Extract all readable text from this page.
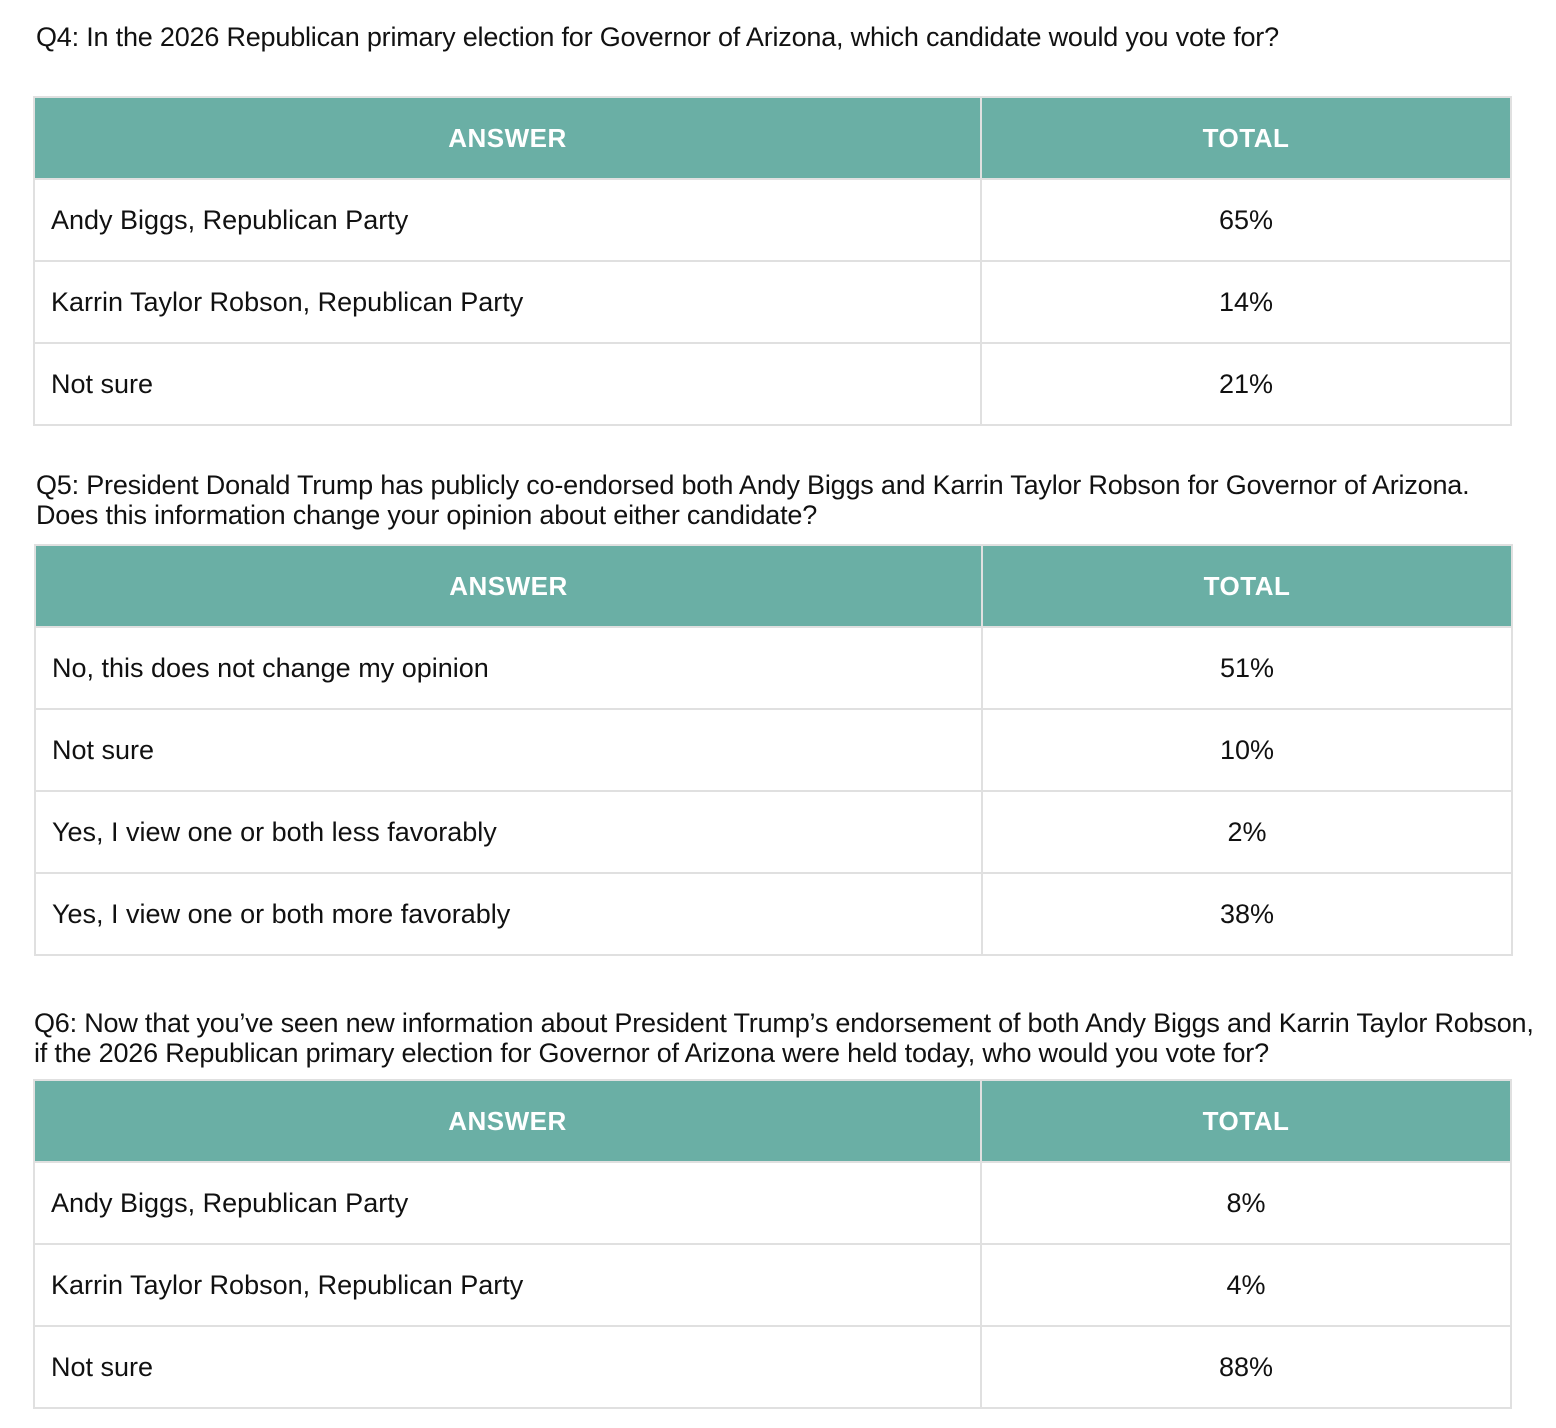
Q4: In the 2026 Republican primary election for Governor of Arizona, which candidate would you vote for?

ANSWER	TOTAL
Andy Biggs, Republican Party	65%
Karrin Taylor Robson, Republican Party	14%
Not sure	21%

Q5: President Donald Trump has publicly co-endorsed both Andy Biggs and Karrin Taylor Robson for Governor of Arizona. Does this information change your opinion about either candidate?

ANSWER	TOTAL
No, this does not change my opinion	51%
Not sure	10%
Yes, I view one or both less favorably	2%
Yes, I view one or both more favorably	38%

Q6: Now that you’ve seen new information about President Trump’s endorsement of both Andy Biggs and Karrin Taylor Robson, if the 2026 Republican primary election for Governor of Arizona were held today, who would you vote for?

ANSWER	TOTAL
Andy Biggs, Republican Party	8%
Karrin Taylor Robson, Republican Party	4%
Not sure	88%
